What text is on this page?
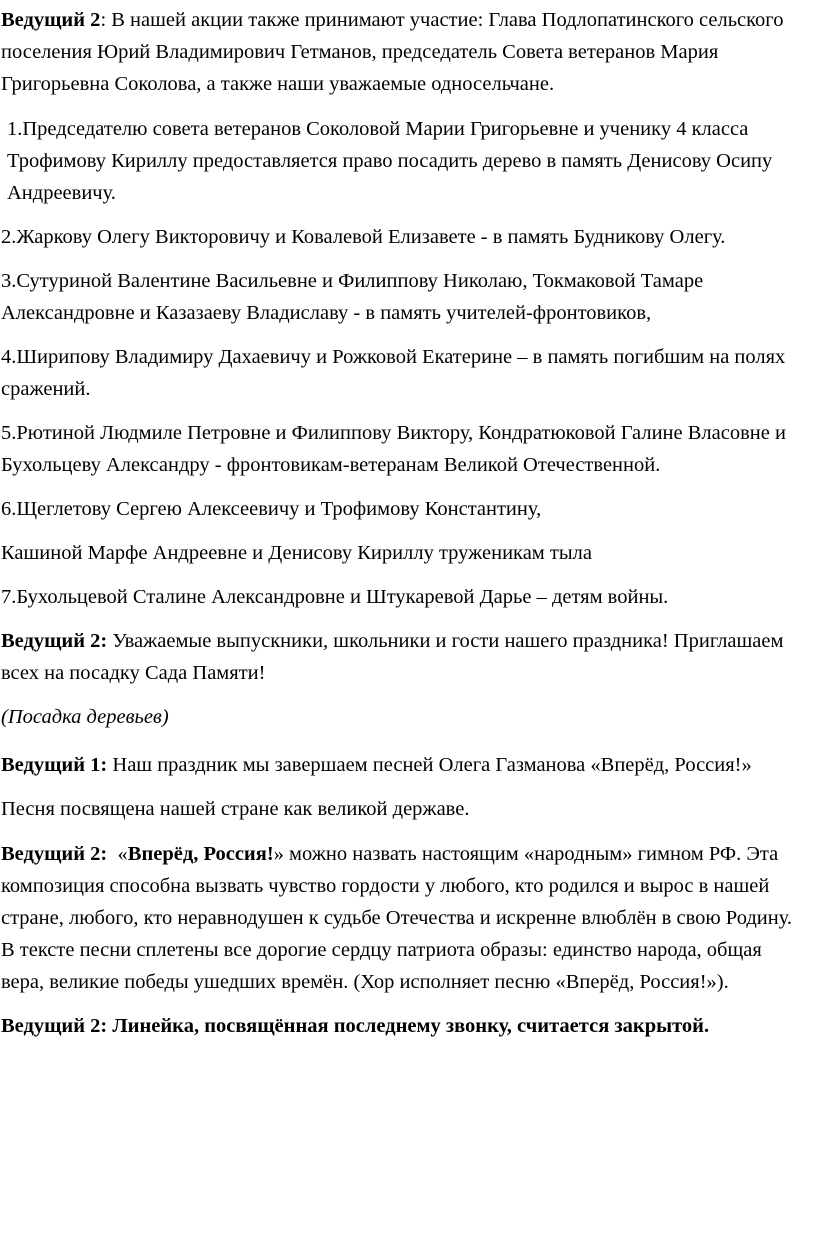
Ведущий 2: В нашей акции также принимают участие: Глава Подлопатинского сельского поселения Юрий Владимирович Гетманов, председатель Совета ветеранов Мария Григорьевна Соколова, а также наши уважаемые односельчане.

1.Председателю совета ветеранов Соколовой Марии Григорьевне и ученику 4 класса Трофимову Кириллу предоставляется право посадить дерево в память Денисову Осипу Андреевичу.

2.Жаркову Олегу Викторовичу и Ковалевой Елизавете - в память Будникову Олегу.

3.Сутуриной Валентине Васильевне и Филиппову Николаю, Токмаковой Тамаре Александровне и Казазаеву Владиславу - в память учителей-фронтовиков,

4.Ширипову Владимиру Дахаевичу и Рожковой Екатерине – в память погибшим на полях сражений.

5.Рютиной Людмиле Петровне и Филиппову Виктору, Кондратюковой Галине Власовне и Бухольцеву Александру - фронтовикам-ветеранам Великой Отечественной.

6.Щеглетову Сергею Алексеевичу и Трофимову Константину,

Кашиной Марфе Андреевне и Денисову Кириллу труженикам тыла

7.Бухольцевой Сталине Александровне и Штукаревой Дарье – детям войны.

Ведущий 2: Уважаемые выпускники, школьники и гости нашего праздника! Приглашаем всех на посадку Сада Памяти!

(Посадка деревьев)

Ведущий 1: Наш праздник мы завершаем песней Олега Газманова «Вперёд, Россия!»

Песня посвящена нашей стране как великой державе.

Ведущий 2:  «Вперёд, Россия!» можно назвать настоящим «народным» гимном РФ. Эта композиция способна вызвать чувство гордости у любого, кто родился и вырос в нашей стране, любого, кто неравнодушен к судьбе Отечества и искренне влюблён в свою Родину. В тексте песни сплетены все дорогие сердцу патриота образы: единство народа, общая вера, великие победы ушедших времён. (Хор исполняет песню «Вперёд, Россия!»).

Ведущий 2: Линейка, посвящённая последнему звонку, считается закрытой.
